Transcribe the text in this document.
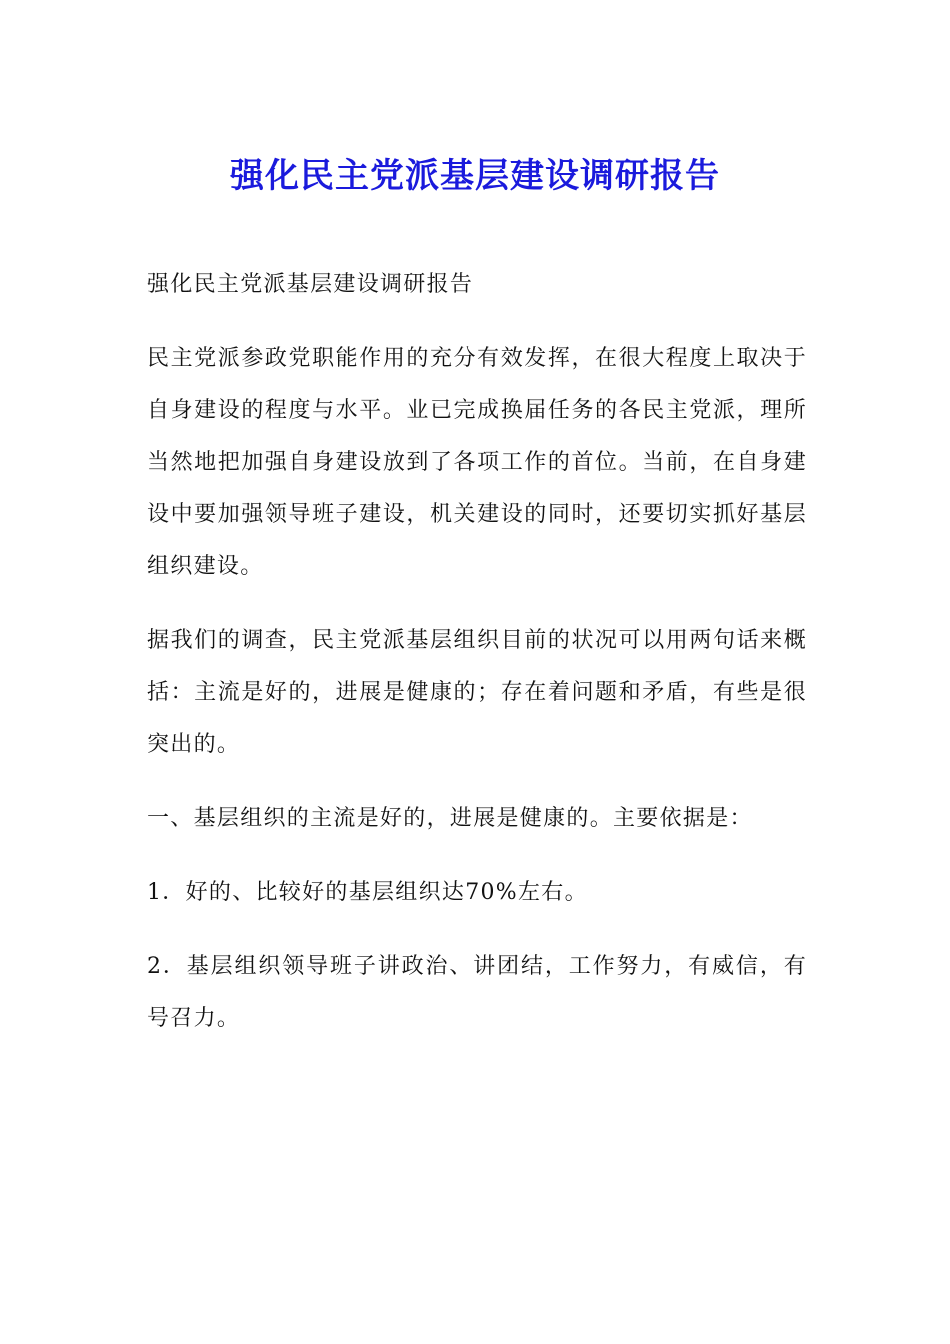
强化民主党派基层建设调研报告

强化民主党派基层建设调研报告

民主党派参政党职能作用的充分有效发挥，在很大程度上取决于自身建设的程度与水平。业已完成换届任务的各民主党派，理所当然地把加强自身建设放到了各项工作的首位。当前，在自身建设中要加强领导班子建设，机关建设的同时，还要切实抓好基层组织建设。

据我们的调查，民主党派基层组织目前的状况可以用两句话来概括：主流是好的，进展是健康的；存在着问题和矛盾，有些是很突出的。

一、基层组织的主流是好的，进展是健康的。主要依据是：

1．好的、比较好的基层组织达70%左右。

2．基层组织领导班子讲政治、讲团结，工作努力，有威信，有号召力。
